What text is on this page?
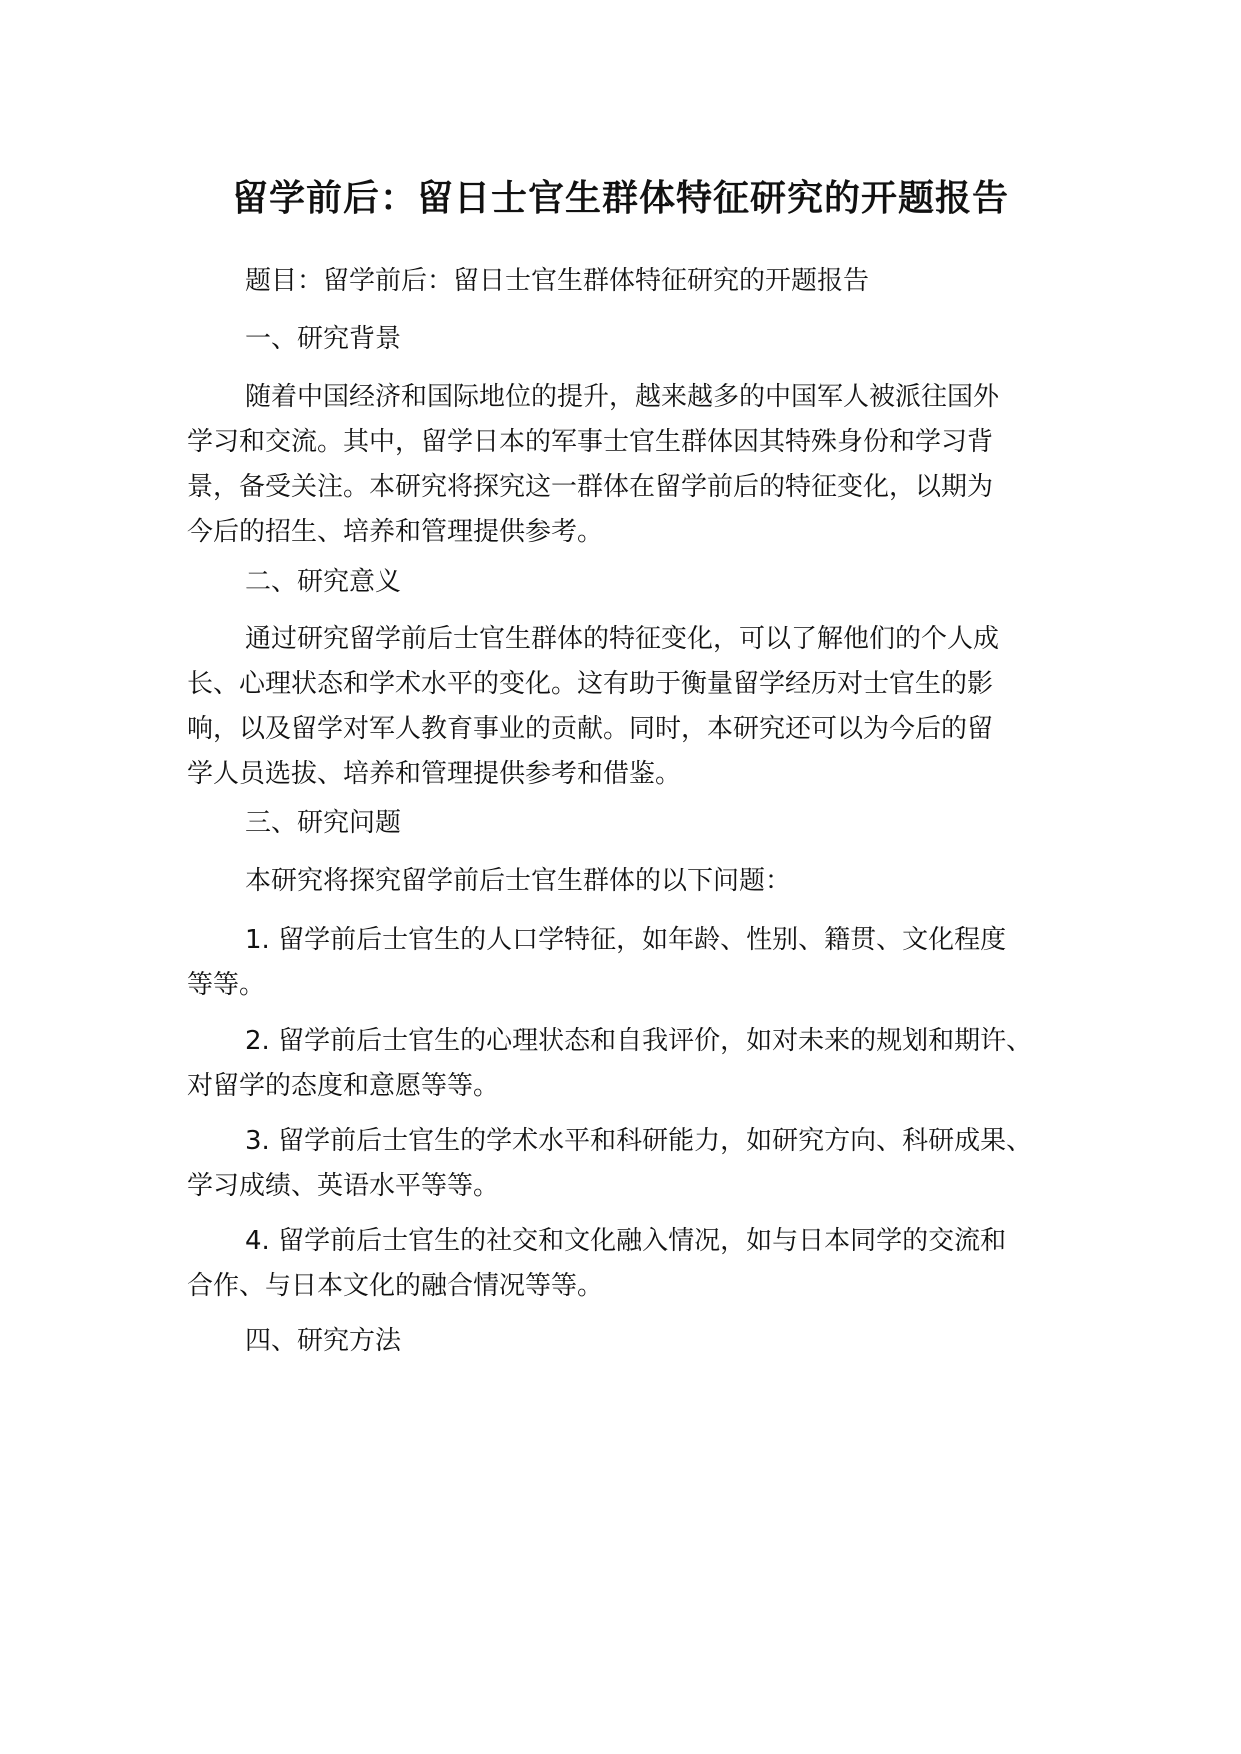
留学前后：留日士官生群体特征研究的开题报告

题目：留学前后：留日士官生群体特征研究的开题报告

一、研究背景

随着中国经济和国际地位的提升，越来越多的中国军人被派往国外

学习和交流。其中，留学日本的军事士官生群体因其特殊身份和学习背

景，备受关注。本研究将探究这一群体在留学前后的特征变化，以期为

今后的招生、培养和管理提供参考。

二、研究意义

通过研究留学前后士官生群体的特征变化，可以了解他们的个人成

长、心理状态和学术水平的变化。这有助于衡量留学经历对士官生的影

响，以及留学对军人教育事业的贡献。同时，本研究还可以为今后的留

学人员选拔、培养和管理提供参考和借鉴。

三、研究问题

本研究将探究留学前后士官生群体的以下问题：

1. 留学前后士官生的人口学特征，如年龄、性别、籍贯、文化程度

等等。

2. 留学前后士官生的心理状态和自我评价，如对未来的规划和期许、

对留学的态度和意愿等等。

3. 留学前后士官生的学术水平和科研能力，如研究方向、科研成果、

学习成绩、英语水平等等。

4. 留学前后士官生的社交和文化融入情况，如与日本同学的交流和

合作、与日本文化的融合情况等等。

四、研究方法
